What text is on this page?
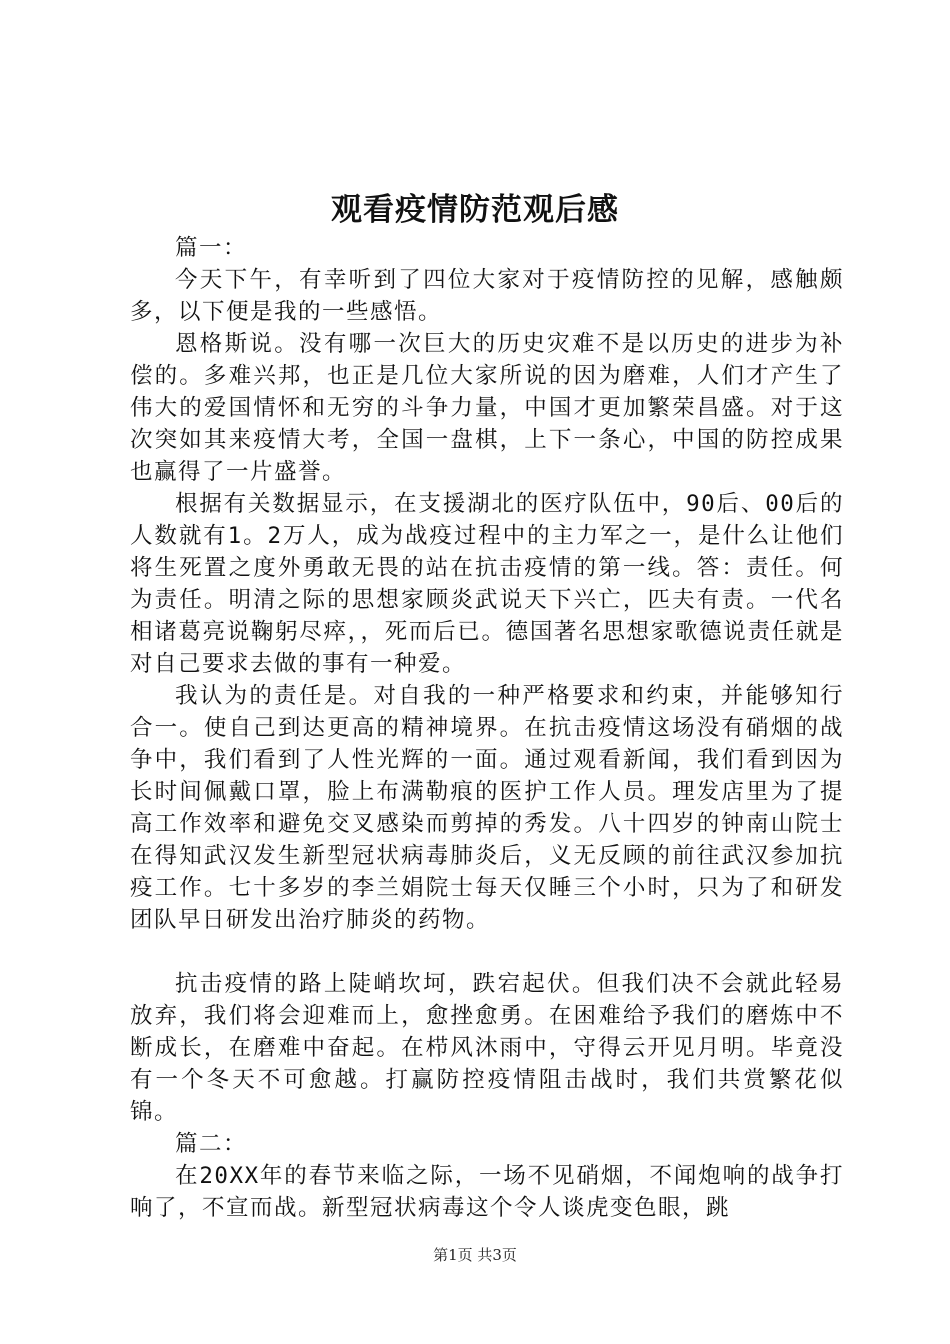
观看疫情防范观后感

篇一：

今天下午，有幸听到了四位大家对于疫情防控的见解，感触颇多，以下便是我的一些感悟。

恩格斯说。没有哪一次巨大的历史灾难不是以历史的进步为补偿的。多难兴邦，也正是几位大家所说的因为磨难，人们才产生了伟大的爱国情怀和无穷的斗争力量，中国才更加繁荣昌盛。对于这次突如其来疫情大考，全国一盘棋，上下一条心，中国的防控成果也赢得了一片盛誉。

根据有关数据显示，在支援湖北的医疗队伍中，90后、00后的人数就有1。2万人，成为战疫过程中的主力军之一，是什么让他们将生死置之度外勇敢无畏的站在抗击疫情的第一线。答：责任。何为责任。明清之际的思想家顾炎武说天下兴亡，匹夫有责。一代名相诸葛亮说鞠躬尽瘁，，死而后已。德国著名思想家歌德说责任就是对自己要求去做的事有一种爱。

我认为的责任是。对自我的一种严格要求和约束，并能够知行合一。使自己到达更高的精神境界。在抗击疫情这场没有硝烟的战争中，我们看到了人性光辉的一面。通过观看新闻，我们看到因为长时间佩戴口罩，脸上布满勒痕的医护工作人员。理发店里为了提高工作效率和避免交叉感染而剪掉的秀发。八十四岁的钟南山院士在得知武汉发生新型冠状病毒肺炎后，义无反顾的前往武汉参加抗疫工作。七十多岁的李兰娟院士每天仅睡三个小时，只为了和研发团队早日研发出治疗肺炎的药物。

抗击疫情的路上陡峭坎坷，跌宕起伏。但我们决不会就此轻易放弃，我们将会迎难而上，愈挫愈勇。在困难给予我们的磨炼中不断成长，在磨难中奋起。在栉风沐雨中，守得云开见月明。毕竟没有一个冬天不可愈越。打赢防控疫情阻击战时，我们共赏繁花似锦。

篇二：

在20XX年的春节来临之际，一场不见硝烟，不闻炮响的战争打响了，不宣而战。新型冠状病毒这个令人谈虎变色眼，跳

第1页 共3页
